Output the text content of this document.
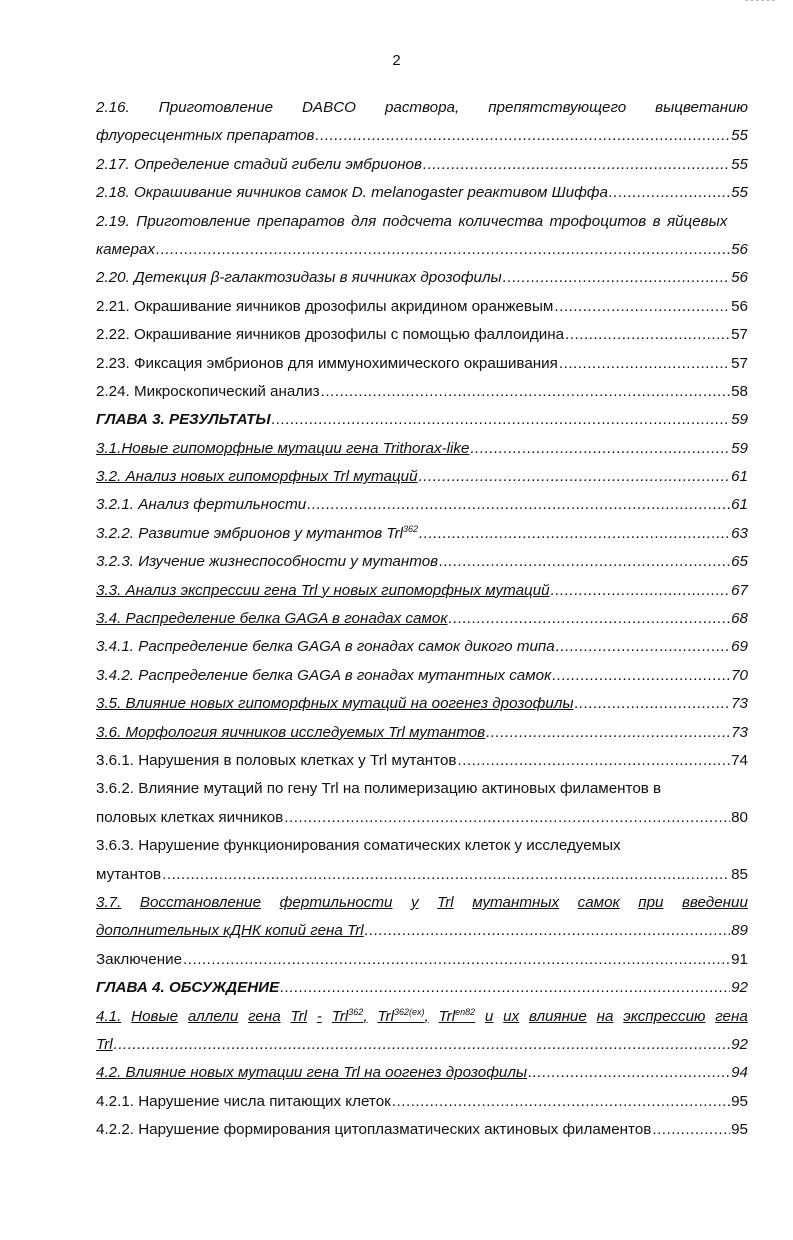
2
2.16. Приготовление DABCO раствора, препятствующего выцветанию
флуоресцентных препаратов .....	55
2.17. Определение стадий гибели эмбрионов .....	55
2.18. Окрашивание яичников самок D. melanogaster реактивом Шиффа .....	55
2.19. Приготовление препаратов для подсчета количества трофоцитов в яйцевых
камерах .....	56
2.20. Детекция β-галактозидазы в яичниках дрозофилы .....	56
2.21. Окрашивание яичников дрозофилы акридином оранжевым .....	56
2.22. Окрашивание яичников дрозофилы с помощью фаллоидина .....	57
2.23. Фиксация эмбрионов для иммунохимического окрашивания .....	57
2.24. Микроскопический анализ .....	58
ГЛАВА 3. РЕЗУЛЬТАТЫ .....	59
3.1.Новые гипоморфные мутации гена Trithorax-like .....	59
3.2. Анализ новых гипоморфных Trl мутаций .....	61
3.2.1. Анализ фертильности .....	61
3.2.2. Развитие эмбрионов у мутантов Trl$^{362}$ .....	63
3.2.3. Изучение жизнеспособности у мутантов .....	65
3.3. Анализ экспрессии гена Trl у новых гипоморфных мутаций .....	67
3.4. Распределение белка GAGA в гонадах самок .....	68
3.4.1. Распределение белка GAGA в гонадах самок дикого типа .....	69
3.4.2. Распределение белка GAGA в гонадах мутантных самок .....	70
3.5. Влияние новых гипоморфных мутаций на оогенез дрозофилы .....	73
3.6. Морфология яичников исследуемых Trl мутантов .....	73
3.6.1. Нарушения в половых клетках у Trl мутантов .....	74
3.6.2. Влияние мутаций по гену Trl на полимеризацию актиновых филаментов в
половых клетках яичников .....	80
3.6.3. Нарушение функционирования соматических клеток у исследуемых
мутантов .....	85
3.7. Восстановление фертильности у Trl мутантных самок при введении
дополнительных кДНК копий гена Trl .....	89
Заключение .....	91
ГЛАВА 4. ОБСУЖДЕНИЕ .....	92
4.1. Новые аллели гена Trl - Trl$^{362}$, Trl$^{362(ex)}$, Trl$^{en82}$ и их влияние на экспрессию гена
Trl .....	92
4.2. Влияние новых мутации гена Trl на оогенез дрозофилы .....	94
4.2.1. Нарушение числа питающих клеток .....	95
4.2.2. Нарушение формирования цитоплазматических актиновых филаментов .....	95
